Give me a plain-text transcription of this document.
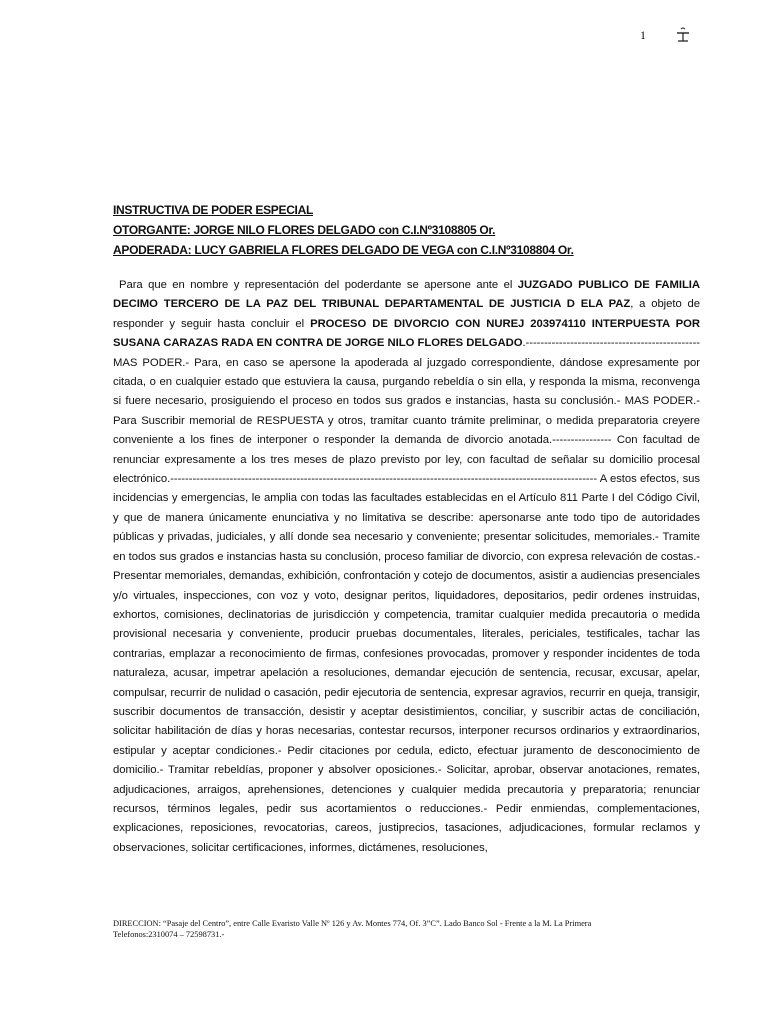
1
INSTRUCTIVA DE PODER ESPECIAL
OTORGANTE: JORGE NILO FLORES DELGADO con C.I.Nº3108805 Or.
APODERADA: LUCY GABRIELA FLORES DELGADO DE VEGA con C.I.Nº3108804 Or.

Para que en nombre y representación del poderdante se apersone ante el JUZGADO PUBLICO DE FAMILIA DECIMO TERCERO DE LA PAZ DEL TRIBUNAL DEPARTAMENTAL DE JUSTICIA D ELA PAZ, a objeto de responder y seguir hasta concluir el PROCESO DE DIVORCIO CON NUREJ 203974110 INTERPUESTA POR SUSANA CARAZAS RADA EN CONTRA DE JORGE NILO FLORES DELGADO.----------------------------------------------- MAS PODER.- Para, en caso se apersone la apoderada al juzgado correspondiente, dándose expresamente por citada, o en cualquier estado que estuviera la causa, purgando rebeldía o sin ella, y responda la misma, reconvenga si fuere necesario, prosiguiendo el proceso en todos sus grados e instancias, hasta su conclusión.- MAS PODER.- Para Suscribir memorial de RESPUESTA y otros, tramitar cuanto trámite preliminar, o medida preparatoria creyere conveniente a los fines de interponer o responder la demanda de divorcio anotada.---------------- Con facultad de renunciar expresamente a los tres meses de plazo previsto por ley, con facultad de señalar su domicilio procesal electrónico.------------------------------------------------------------------------------------------------------------------- A estos efectos, sus incidencias y emergencias, le amplia con todas las facultades establecidas en el Artículo 811 Parte I del Código Civil, y que de manera únicamente enunciativa y no limitativa se describe: apersonarse ante todo tipo de autoridades públicas y privadas, judiciales, y allí donde sea necesario y conveniente; presentar solicitudes, memoriales.- Tramite en todos sus grados e instancias hasta su conclusión, proceso familiar de divorcio, con expresa relevación de costas.- Presentar memoriales, demandas, exhibición, confrontación y cotejo de documentos, asistir a audiencias presenciales y/o virtuales, inspecciones, con voz y voto, designar peritos, liquidadores, depositarios, pedir ordenes instruidas, exhortos, comisiones, declinatorias de jurisdicción y competencia, tramitar cualquier medida precautoria o medida provisional necesaria y conveniente, producir pruebas documentales, literales, periciales, testificales, tachar las contrarias, emplazar a reconocimiento de firmas, confesiones provocadas, promover y responder incidentes de toda naturaleza, acusar, impetrar apelación a resoluciones, demandar ejecución de sentencia, recusar, excusar, apelar, compulsar, recurrir de nulidad o casación, pedir ejecutoria de sentencia, expresar agravios, recurrir en queja, transigir, suscribir documentos de transacción, desistir y aceptar desistimientos, conciliar, y suscribir actas de conciliación, solicitar habilitación de días y horas necesarias, contestar recursos, interponer recursos ordinarios y extraordinarios, estipular y aceptar condiciones.- Pedir citaciones por cedula, edicto, efectuar juramento de desconocimiento de domicilio.- Tramitar rebeldías, proponer y absolver oposiciones.- Solicitar, aprobar, observar anotaciones, remates, adjudicaciones, arraigos, aprehensiones, detenciones y cualquier medida precautoria y preparatoria; renunciar recursos, términos legales, pedir sus acortamientos o reducciones.- Pedir enmiendas, complementaciones, explicaciones, reposiciones, revocatorias, careos, justiprecios, tasaciones, adjudicaciones, formular reclamos y observaciones, solicitar certificaciones, informes, dictámenes, resoluciones,

DIRECCION: “Pasaje del Centro”, entre Calle Evaristo Valle Nº 126 y Av. Montes 774, Of. 3”C”. Lado Banco Sol - Frente a la M. La Primera
Telefonos:2310074 – 72598731.-
